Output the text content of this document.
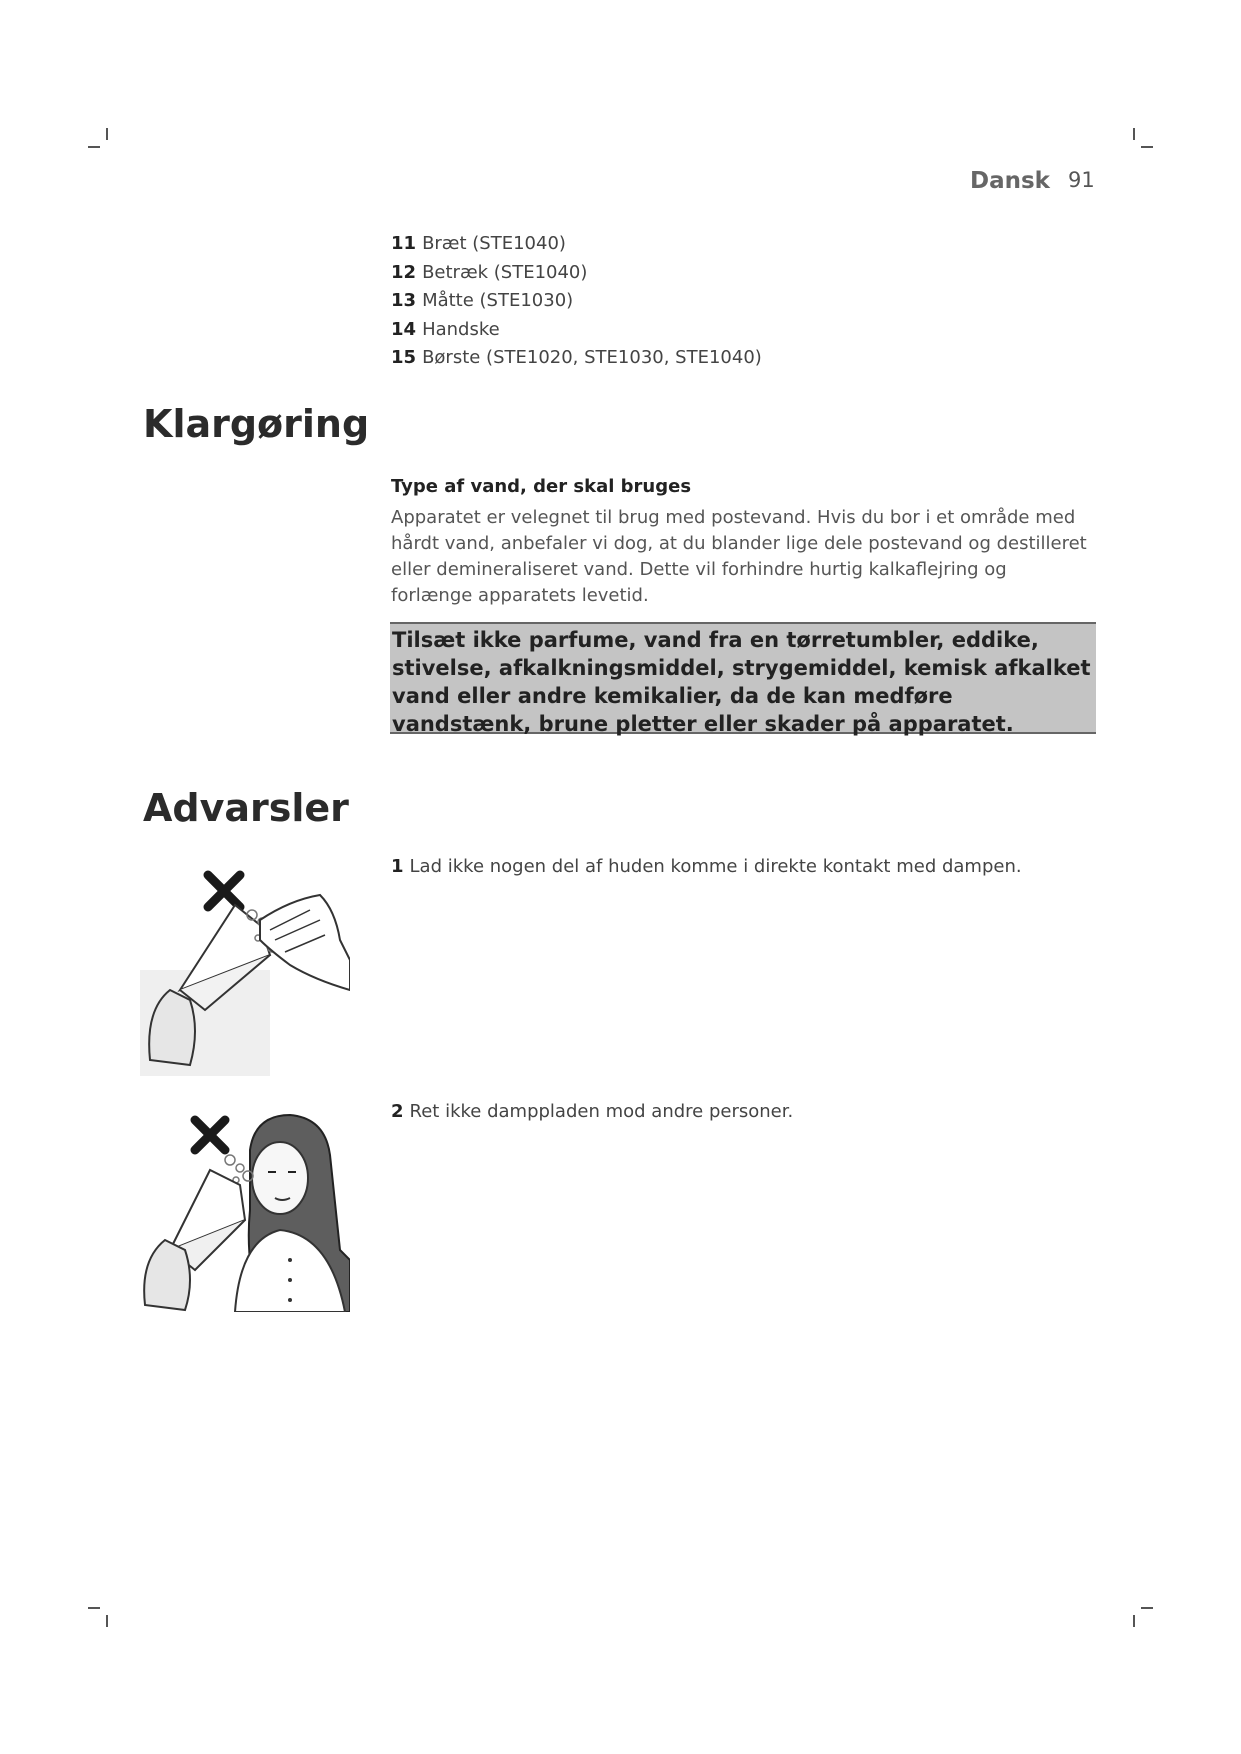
Dansk 91
11 Bræt (STE1040)
12 Betræk (STE1040)
13 Måtte (STE1030)
14 Handske
15 Børste (STE1020, STE1030, STE1040)
Klargøring
Type af vand, der skal bruges
Apparatet er velegnet til brug med postevand. Hvis du bor i et område med hårdt vand, anbefaler vi dog, at du blander lige dele postevand og destilleret eller demineraliseret vand. Dette vil forhindre hurtig kalkaflejring og forlænge apparatets levetid.
Tilsæt ikke parfume, vand fra en tørretumbler, eddike, stivelse, afkalkningsmiddel, strygemiddel, kemisk afkalket vand eller andre kemikalier, da de kan medføre vandstænk, brune pletter eller skader på apparatet.
Advarsler
1 Lad ikke nogen del af huden komme i direkte kontakt med dampen.
2 Ret ikke damppladen mod andre personer.
